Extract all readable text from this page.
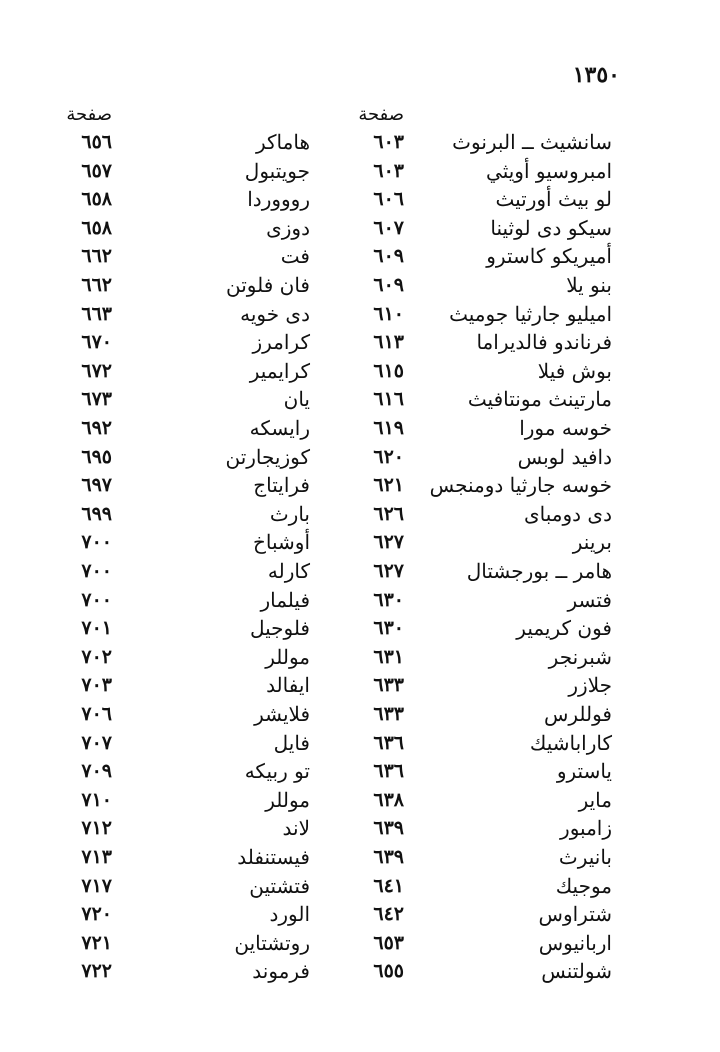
١٣٥٠
صفحة
صفحة
سانشيث ــ البرنوث
٦٠٣
هاماكر
٦٥٦
امبروسيو أويثي
٦٠٣
جويتبول
٦٥٧
لو بيث أورتيث
٦٠٦
روووردا
٦٥٨
سيكو دى لوثينا
٦٠٧
دوزى
٦٥٨
أميريكو كاسترو
٦٠٩
فت
٦٦٢
بنو يلا
٦٠٩
فان فلوتن
٦٦٢
اميليو جارثيا جوميث
٦١٠
دى خويه
٦٦٣
فرناندو فالديراما
٦١٣
كرامرز
٦٧٠
بوش فيلا
٦١٥
كرايمير
٦٧٢
مارتينث مونتافيث
٦١٦
يان
٦٧٣
خوسه مورا
٦١٩
رايسكه
٦٩٢
دافيد لوبس
٦٢٠
كوزيجارتن
٦٩٥
خوسه جارثيا دومنجس
٦٢١
فرايتاج
٦٩٧
دى دومباى
٦٢٦
بارث
٦٩٩
برينر
٦٢٧
أوشباخ
٧٠٠
هامر ــ بورجشتال
٦٢٧
كارله
٧٠٠
فتسر
٦٣٠
فيلمار
٧٠٠
فون كريمير
٦٣٠
فلوجيل
٧٠١
شبرنجر
٦٣١
موللر
٧٠٢
جلازر
٦٣٣
ايفالد
٧٠٣
فوللرس
٦٣٣
فلايشر
٧٠٦
كاراباشيك
٦٣٦
فايل
٧٠٧
ياسترو
٦٣٦
تو ربيكه
٧٠٩
ماير
٦٣٨
موللر
٧١٠
زامبور
٦٣٩
لاند
٧١٢
بانيرث
٦٣٩
فيستنفلد
٧١٣
موجيك
٦٤١
فتشتين
٧١٧
شتراوس
٦٤٢
الورد
٧٢٠
اربانيوس
٦٥٣
روتشتاين
٧٢١
شولتنس
٦٥٥
فرموند
٧٢٢
